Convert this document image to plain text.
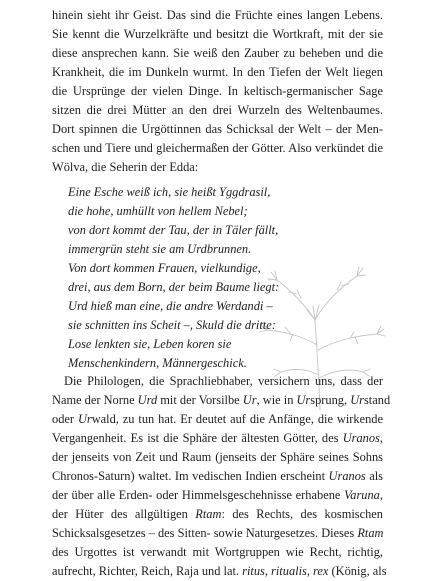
hinein sieht ihr Geist. Das sind die Früchte eines langen Lebens.
Sie kennt die Wurzelkräfte und besitzt die Wortkraft, mit der sie
diese ansprechen kann. Sie weiß den Zauber zu beheben und die
Krankheit, die im Dunkeln wurmt. In den Tiefen der Welt liegen
die Ursprünge der vielen Dinge. In keltisch-germanischer Sage
sitzen die drei Mütter an den drei Wurzeln des Weltenbaumes.
Dort spinnen die Urgöttinnen das Schicksal der Welt – der Men-
schen und Tiere und gleichermaßen der Götter. Also verkündet die
Wölva, die Seherin der Edda:
Eine Esche weiß ich, sie heißt Yggdrasil,
die hohe, umhüllt von hellem Nebel;
von dort kommt der Tau, der in Täler fällt,
immergrün steht sie am Urdbrunnen.
Von dort kommen Frauen, vielkundige,
drei, aus dem Born, der beim Baume liegt:
Urd hieß man eine, die andre Werdandi –
sie schnitten ins Scheit –, Skuld die dritte:
Lose lenkten sie, Leben koren sie
Menschenkindern, Männergeschick.
Die Philologen, die Sprachliebhaber, versichern uns, dass der
Name der Norne Urd mit der Vorsilbe Ur, wie in Ursprung, Urstand
oder Urwald, zu tun hat. Er deutet auf die Anfänge, die wirkende
Vergangenheit. Es ist die Sphäre der ältesten Götter, des Uranos,
der jenseits von Zeit und Raum (jenseits der Sphäre seines Sohns
Chronos-Saturn) waltet. Im vedischen Indien erscheint Uranos als
der über alle Erden- oder Himmelsgeschehnisse erhabene Varuna,
der Hüter des allgültigen Rtam: des Rechts, des kosmischen
Schicksalsgesetzes – des Sitten- sowie Naturgesetzes. Dieses Rtam
des Urgottes ist verwandt mit Wortgruppen wie Recht, richtig,
aufrecht, Richter, Reich, Raja und lat. ritus, ritualis, rex (König, als
